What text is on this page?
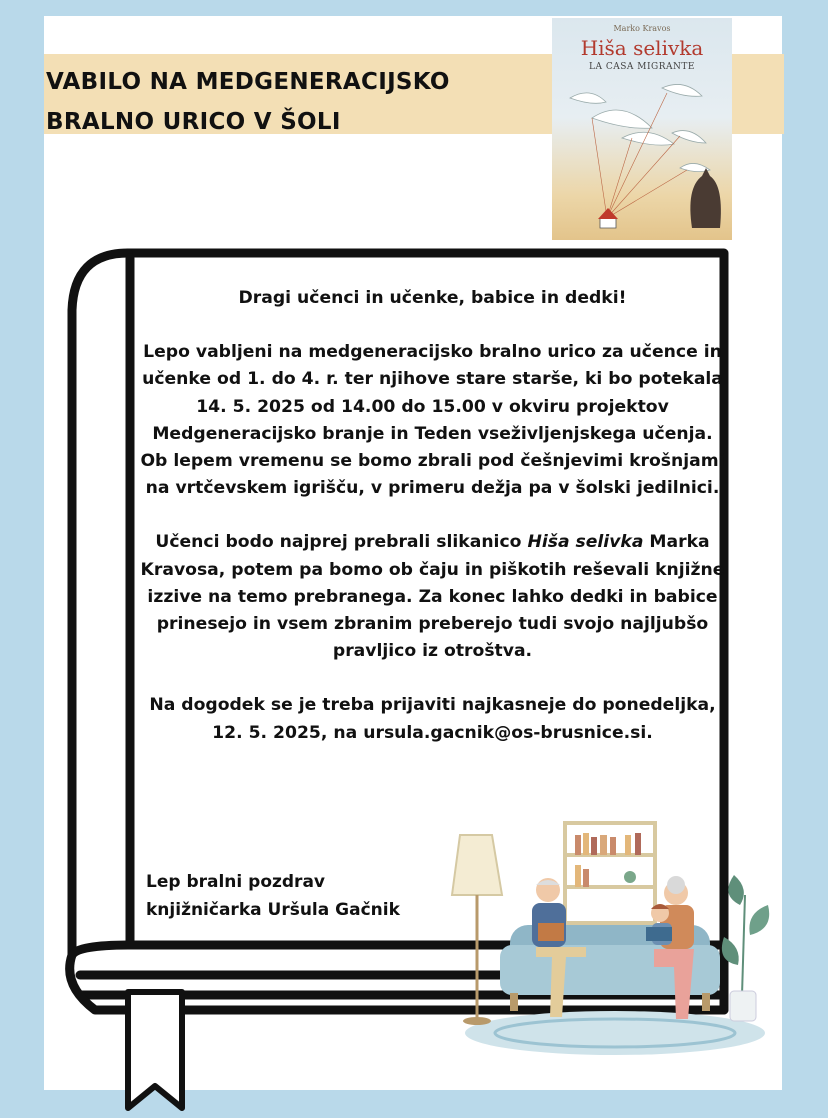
VABILO NA MEDGENERACIJSKO
BRALNO URICO V ŠOLI
Marko Kravos
Hiša selivka
LA CASA MIGRANTE

Dragi učenci in učenke, babice in dedki!

Lepo vabljeni na medgeneracijsko bralno urico za učence in učenke od 1. do 4. r. ter njihove stare starše, ki bo potekala 14. 5. 2025 od 14.00 do 15.00 v okviru projektov Medgeneracijsko branje in Teden vseživljenjskega učenja. Ob lepem vremenu se bomo zbrali pod češnjevimi krošnjami na vrtčevskem igrišču, v primeru dežja pa v šolski jedilnici.

Učenci bodo najprej prebrali slikanico Hiša selivka Marka Kravosa, potem pa bomo ob čaju in piškotih reševali knjižne izzive na temo prebranega. Za konec lahko dedki in babice prinesejo in vsem zbranim preberejo tudi svojo najljubšo pravljico iz otroštva.

Na dogodek se je treba prijaviti najkasneje do ponedeljka, 12. 5. 2025, na ursula.gacnik@os-brusnice.si.

Lep bralni pozdrav
knjižničarka Uršula Gačnik
